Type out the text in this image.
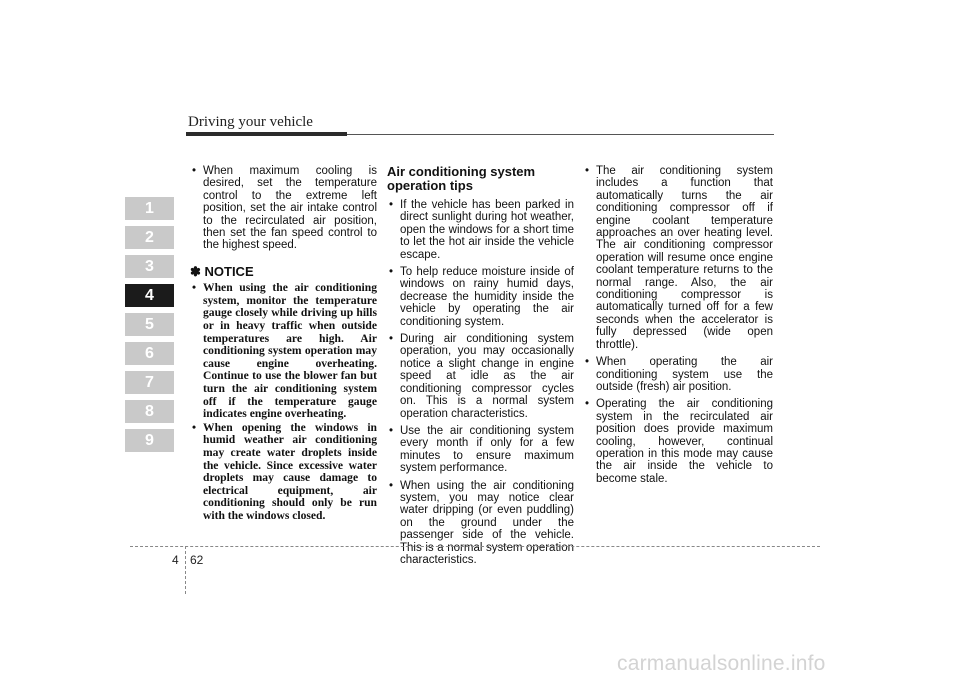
Driving your vehicle
1
2
3
4
5
6
7
8
9
• When maximum cooling is desired, set the temperature control to the extreme left position, set the air intake control to the recirculated air position, then set the fan speed control to the highest speed.
✽ NOTICE
• When using the air conditioning system, monitor the temperature gauge closely while driving up hills or in heavy traffic when outside temperatures are high. Air conditioning system operation may cause engine overheating. Continue to use the blower fan but turn the air conditioning system off if the temperature gauge indicates engine overheating.
• When opening the windows in humid weather air conditioning may create water droplets inside the vehicle. Since excessive water droplets may cause damage to electrical equipment, air conditioning should only be run with the windows closed.
Air conditioning system operation tips
• If the vehicle has been parked in direct sunlight during hot weather, open the windows for a short time to let the hot air inside the vehicle escape.
• To help reduce moisture inside of windows on rainy humid days, decrease the humidity inside the vehicle by operating the air conditioning system.
• During air conditioning system operation, you may occasionally notice a slight change in engine speed at idle as the air conditioning compressor cycles on. This is a normal system operation characteristics.
• Use the air conditioning system every month if only for a few minutes to ensure maximum system performance.
• When using the air conditioning system, you may notice clear water dripping (or even puddling) on the ground under the passenger side of the vehicle. This is a normal system operation characteristics.
• The air conditioning system includes a function that automatically turns the air conditioning compressor off if engine coolant temperature approaches an over heating level. The air conditioning compressor operation will resume once engine coolant temperature returns to the normal range. Also, the air conditioning compressor is automatically turned off for a few seconds when the accelerator is fully depressed (wide open throttle).
• When operating the air conditioning system use the outside (fresh) air position.
• Operating the air conditioning system in the recirculated air position does provide maximum cooling, however, continual operation in this mode may cause the air inside the vehicle to become stale.
4 62
carmanualsonline.info
